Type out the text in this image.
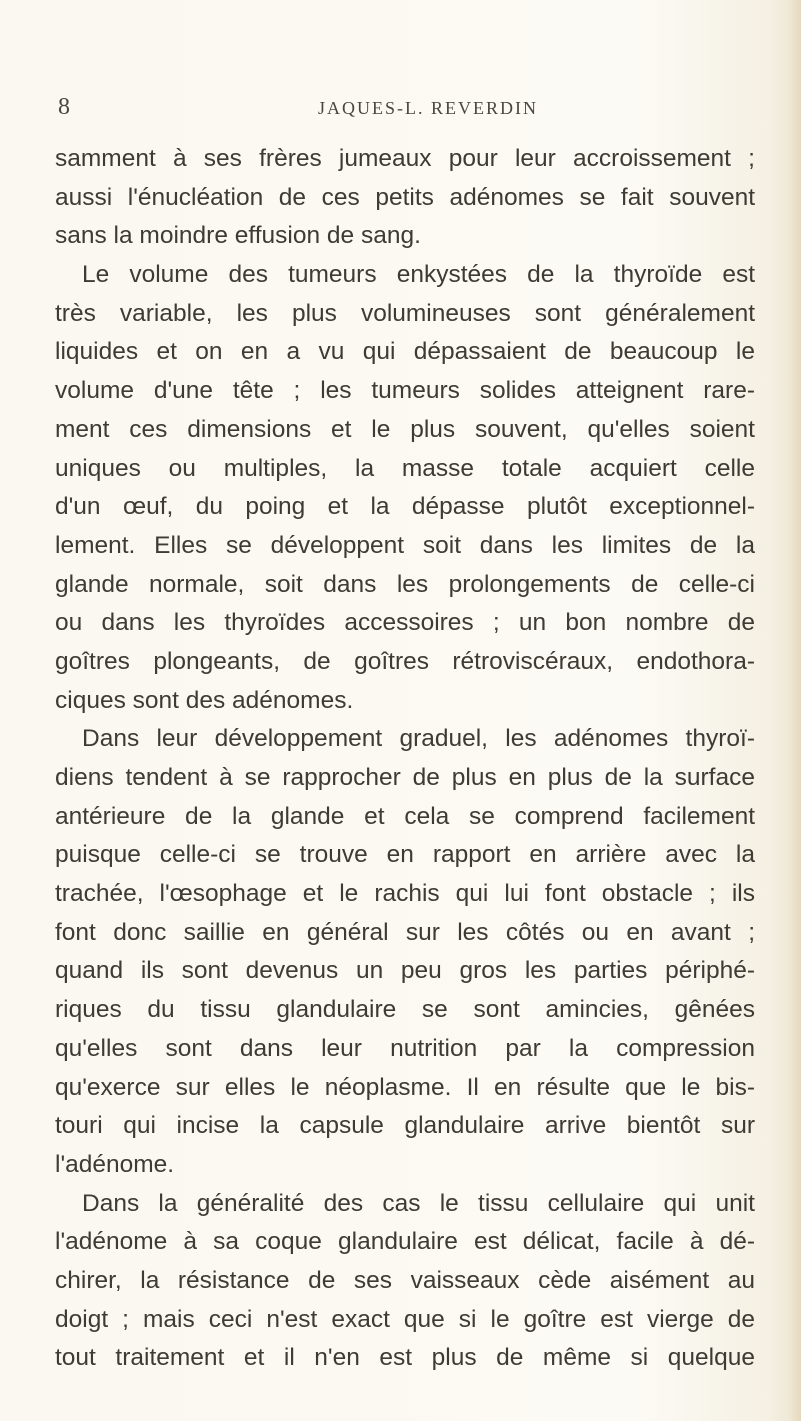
8	JAQUES-L. REVERDIN
samment à ses frères jumeaux pour leur accroissement ;
aussi l'énucléation de ces petits adénomes se fait souvent
sans la moindre effusion de sang.
Le volume des tumeurs enkystées de la thyroïde est
très variable, les plus volumineuses sont généralement
liquides et on en a vu qui dépassaient de beaucoup le
volume d'une tête ; les tumeurs solides atteignent rare-
ment ces dimensions et le plus souvent, qu'elles soient
uniques ou multiples, la masse totale acquiert celle
d'un œuf, du poing et la dépasse plutôt exceptionnel-
lement. Elles se développent soit dans les limites de la
glande normale, soit dans les prolongements de celle-ci
ou dans les thyroïdes accessoires ; un bon nombre de
goîtres plongeants, de goîtres rétroviscéraux, endothora-
ciques sont des adénomes.
Dans leur développement graduel, les adénomes thyroï-
diens tendent à se rapprocher de plus en plus de la surface
antérieure de la glande et cela se comprend facilement
puisque celle-ci se trouve en rapport en arrière avec la
trachée, l'œsophage et le rachis qui lui font obstacle ; ils
font donc saillie en général sur les côtés ou en avant ;
quand ils sont devenus un peu gros les parties périphé-
riques du tissu glandulaire se sont amincies, gênées
qu'elles sont dans leur nutrition par la compression
qu'exerce sur elles le néoplasme. Il en résulte que le bis-
touri qui incise la capsule glandulaire arrive bientôt sur
l'adénome.
Dans la généralité des cas le tissu cellulaire qui unit
l'adénome à sa coque glandulaire est délicat, facile à dé-
chirer, la résistance de ses vaisseaux cède aisément au
doigt ; mais ceci n'est exact que si le goître est vierge de
tout traitement et il n'en est plus de même si quelque
